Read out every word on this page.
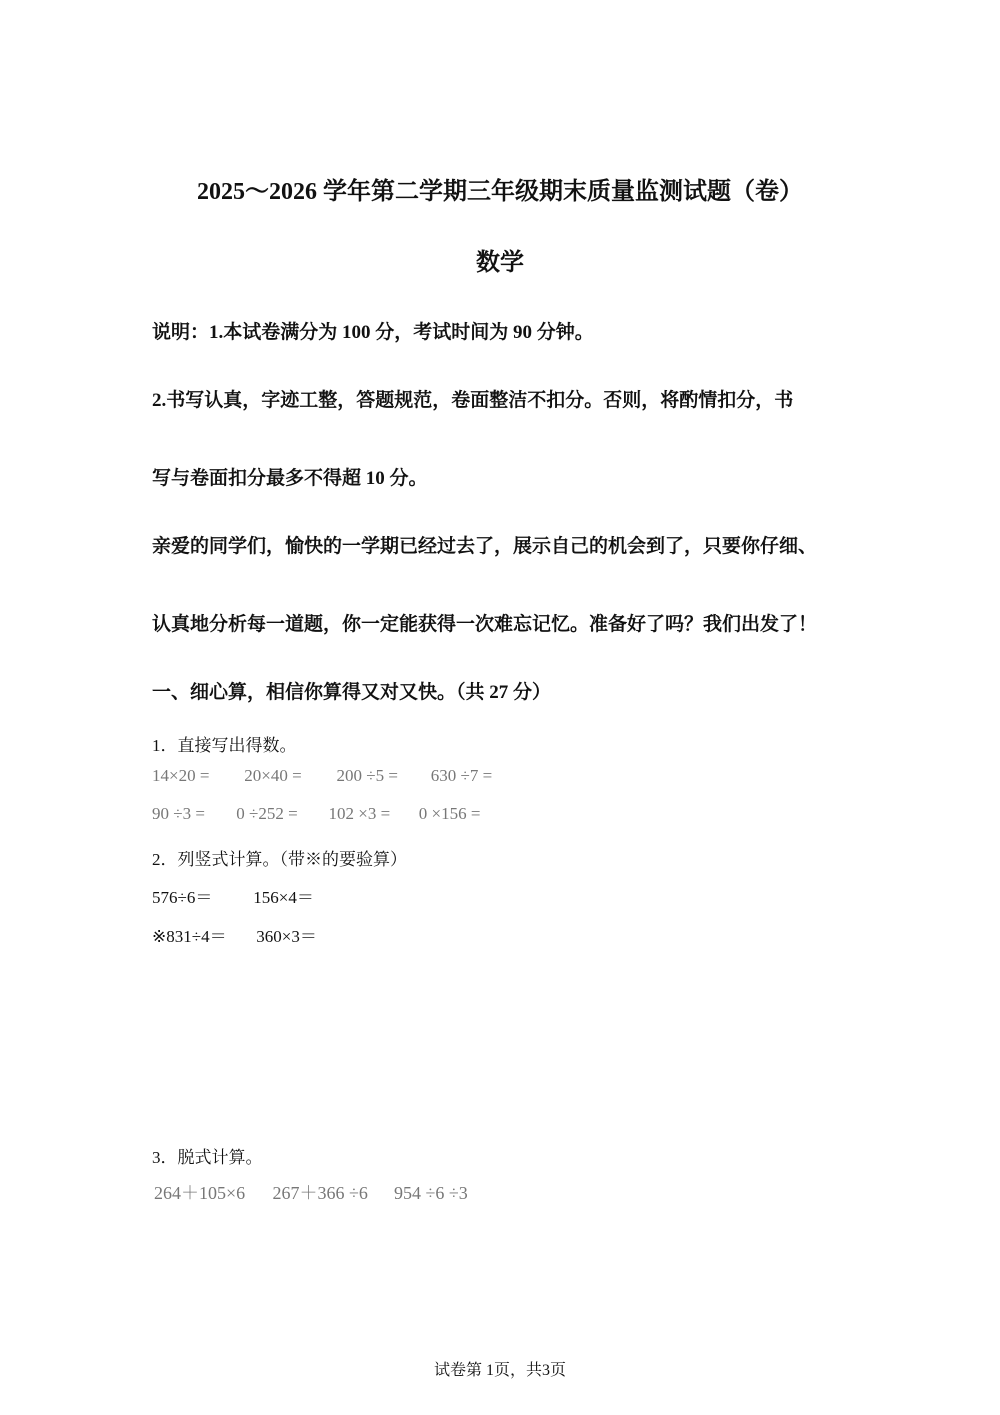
2025～2026 学年第二学期三年级期末质量监测试题（卷）
数学
说明：1.本试卷满分为 100 分，考试时间为 90 分钟。
2.书写认真，字迹工整，答题规范，卷面整洁不扣分。否则，将酌情扣分，书
写与卷面扣分最多不得超 10 分。
亲爱的同学们，愉快的一学期已经过去了，展示自己的机会到了，只要你仔细、
认真地分析每一道题，你一定能获得一次难忘记忆。准备好了吗？我们出发了！
一、细心算，相信你算得又对又快。（共 27 分）
1．直接写出得数。
14×20 = 20×40 = 200 ÷5 = 630 ÷7 =
90 ÷3 = 0 ÷252 = 102 ×3 = 0 ×156 =
2．列竖式计算。（带※的要验算）
576÷6＝ 156×4＝
※831÷4＝ 360×3＝
3．脱式计算。
264＋105×6 267＋366 ÷6 954 ÷6 ÷3
试卷第 1页，共3页
